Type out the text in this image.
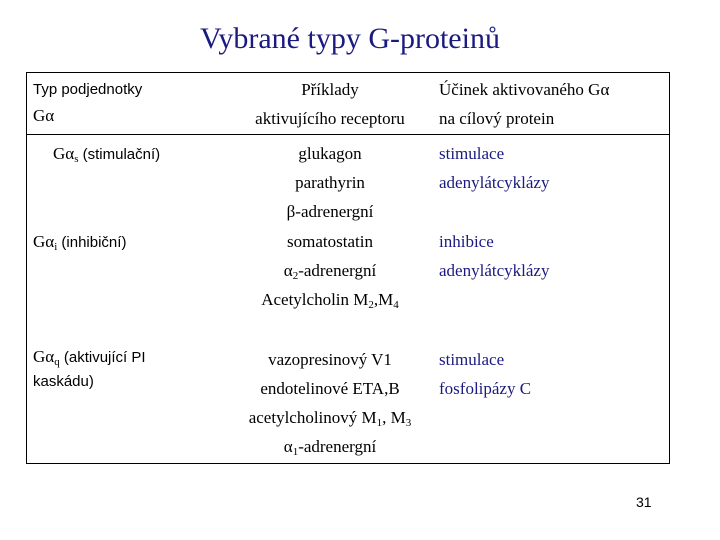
Vybrané typy G-proteinů
Typ podjednotky
Gα
Příklady
aktivujícího receptoru
Účinek aktivovaného Gα
na cílový protein
$G\alpha_s$ (stimulační)	glukagon
parathyrin
β-adrenergní
stimulace
adenylátcyklázy
$G\alpha_i$ (inhibiční)	somatostatin
$\alpha_2$-adrenergní
Acetylcholin $M_2,M_4$
inhibice
adenylátcyklázy
$G\alpha_q$ (aktivující PI
kaskádu)
vazopresinový V1
endotelinové ETA,B
acetylcholinový $M_1$, $M_3$
$\alpha_1$-adrenergní
stimulace
fosfolipázy C
31
